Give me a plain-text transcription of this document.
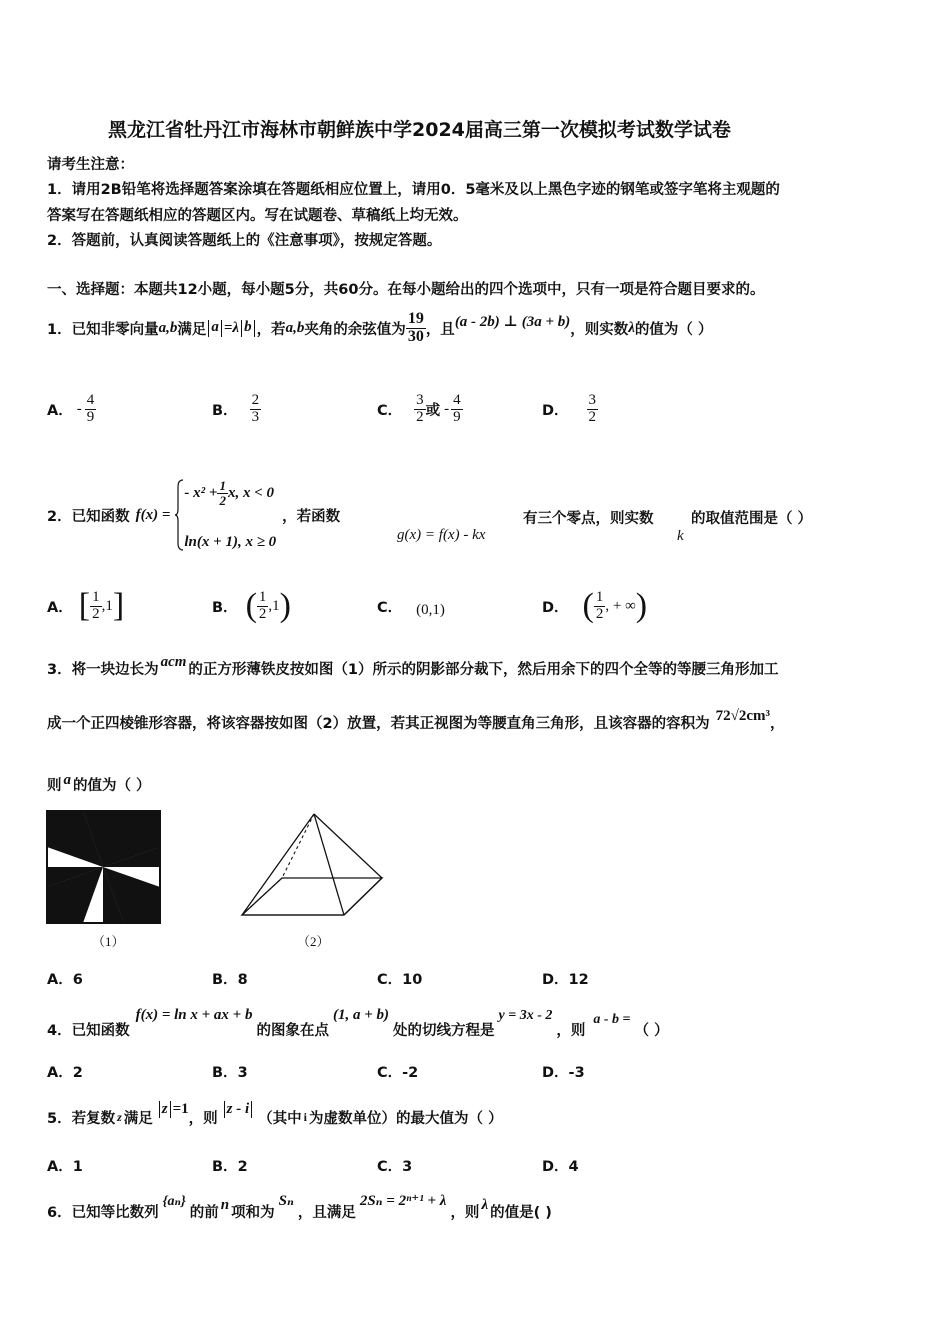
黑龙江省牡丹江市海林市朝鲜族中学2024届高三第一次模拟考试数学试卷
请考生注意：
1．请用2B铅笔将选择题答案涂填在答题纸相应位置上，请用0．5毫米及以上黑色字迹的钢笔或签字笔将主观题的
答案写在答题纸相应的答题区内。写在试题卷、草稿纸上均无效。
2．答题前，认真阅读答题纸上的《注意事项》，按规定答题。
一、选择题：本题共12小题，每小题5分，共60分。在每小题给出的四个选项中，只有一项是符合题目要求的。
1．已知非零向量 a,b 满足 a =λ b ，若 a,b 夹角的余弦值为 $\frac{19}{30}$ ，且 (a - 2b) ⊥ (3a + b) ，则实数 λ 的值为（ ）
A． - $\frac{4}{9}$	B． $\frac{2}{3}$	C． $\frac{3}{2}$ 或 - $\frac{4}{9}$	D． $\frac{3}{2}$
2．已知函数 f(x) =
- $x^2 + \frac{1}{2} x$, x < 0
ln(x + 1), x ≥ 0
，若函数
g(x) = f(x) - kx
有三个零点，则实数
k
的取值范围是（ ）
A． [ $\frac{1}{2} ,1$ ]	B． ( $\frac{1}{2} ,1$ )	C． (0,1)	D． ( $\frac{1}{2}$ , + ∞ )
3．将一块边长为 acm 的正方形薄铁皮按如图（1）所示的阴影部分裁下，然后用余下的四个全等的等腰三角形加工
成一个正四棱锥形容器，将该容器按如图（2）放置，若其正视图为等腰直角三角形，且该容器的容积为 72√2cm³ ，
则 a 的值为（ ）
（1）	（2）
A．6	B．8	C．10	D．12
4．已知函数
f(x) = ln x + ax + b
的图象在点
(1, a + b)
处的切线方程是
y = 3x - 2
，则
a - b =
（ ）
A．2	B．3	C．-2	D．-3
5．若复数 z 满足
z =1
，则
z - i
（其中 i 为虚数单位）的最大值为（ ）
A．1	B．2	C．3	D．4
6．已知等比数列
{aₙ}
的前 n 项和为
Sₙ
，且满足
2Sₙ = 2ⁿ⁺¹ + λ
，则 λ 的值是( )
